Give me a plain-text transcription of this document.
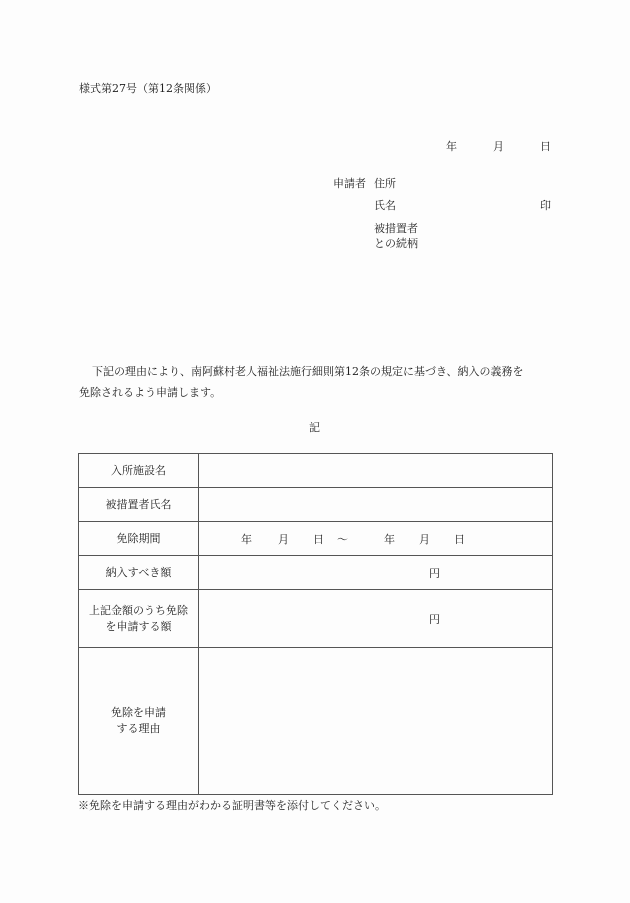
様式第27号（第12条関係）
年	月	日
申請者 住所
氏名	印
被措置者
との続柄
下記の理由により、南阿蘇村老人福祉法施行細則第12条の規定に基づき、納入の義務を
免除されるよう申請します。
記
入所施設名	
被措置者氏名	
免除期間	年 月 日 ～	年 月 日

納入すべき額	円

上記金額のうち免除
を申請する額	円

免除を申請
する理由	

※免除を申請する理由がわかる証明書等を添付してください。
